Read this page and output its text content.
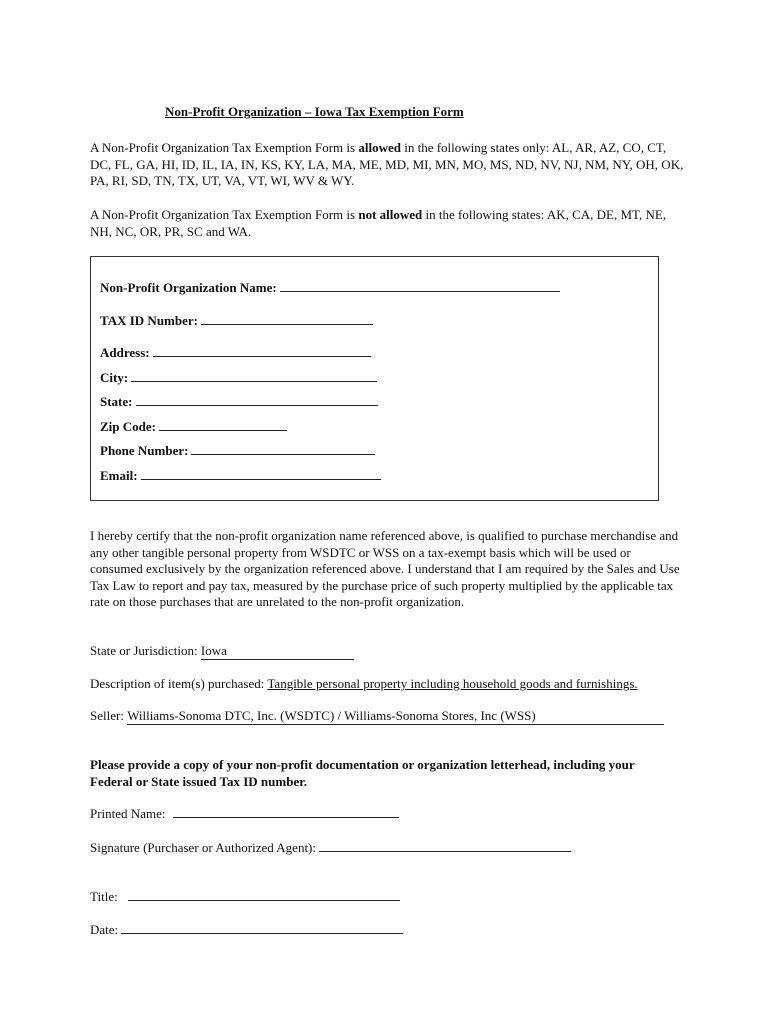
Non-Profit Organization – Iowa Tax Exemption Form
A Non-Profit Organization Tax Exemption Form is allowed in the following states only: AL, AR, AZ, CO, CT, DC, FL, GA, HI, ID, IL, IA, IN, KS, KY, LA, MA, ME, MD, MI, MN, MO, MS, ND, NV, NJ, NM, NY, OH, OK, PA, RI, SD, TN, TX, UT, VA, VT, WI, WV & WY.
A Non-Profit Organization Tax Exemption Form is not allowed in the following states: AK, CA, DE, MT, NE, NH, NC, OR, PR, SC and WA.
Non-Profit Organization Name:
TAX ID Number:
Address:
City:
State:
Zip Code:
Phone Number:
Email:
I hereby certify that the non-profit organization name referenced above, is qualified to purchase merchandise and any other tangible personal property from WSDTC or WSS on a tax-exempt basis which will be used or consumed exclusively by the organization referenced above. I understand that I am required by the Sales and Use Tax Law to report and pay tax, measured by the purchase price of such property multiplied by the applicable tax rate on those purchases that are unrelated to the non-profit organization.
State or Jurisdiction: Iowa
Description of item(s) purchased: Tangible personal property including household goods and furnishings.
Seller: Williams-Sonoma DTC, Inc. (WSDTC) / Williams-Sonoma Stores, Inc (WSS)
Please provide a copy of your non-profit documentation or organization letterhead, including your Federal or State issued Tax ID number.
Printed Name:
Signature (Purchaser or Authorized Agent):
Title:
Date:
